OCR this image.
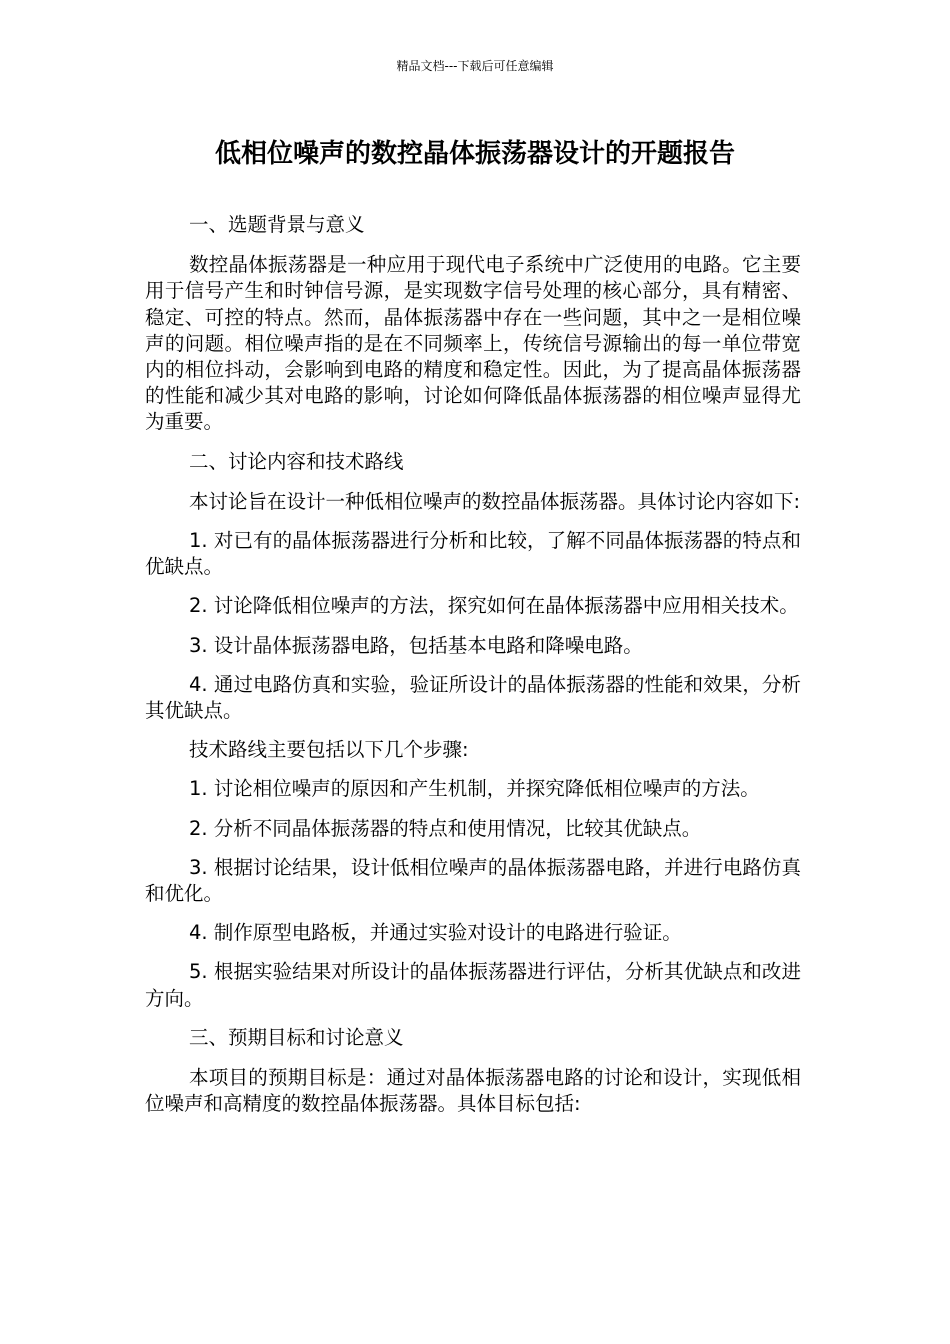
精品文档---下载后可任意编辑
低相位噪声的数控晶体振荡器设计的开题报告

一、选题背景与意义

数控晶体振荡器是一种应用于现代电子系统中广泛使用的电路。它主要用于信号产生和时钟信号源，是实现数字信号处理的核心部分，具有精密、稳定、可控的特点。然而，晶体振荡器中存在一些问题，其中之一是相位噪声的问题。相位噪声指的是在不同频率上，传统信号源输出的每一单位带宽内的相位抖动，会影响到电路的精度和稳定性。因此，为了提高晶体振荡器的性能和减少其对电路的影响，讨论如何降低晶体振荡器的相位噪声显得尤为重要。

二、讨论内容和技术路线

本讨论旨在设计一种低相位噪声的数控晶体振荡器。具体讨论内容如下:

1. 对已有的晶体振荡器进行分析和比较，了解不同晶体振荡器的特点和优缺点。

2. 讨论降低相位噪声的方法，探究如何在晶体振荡器中应用相关技术。

3. 设计晶体振荡器电路，包括基本电路和降噪电路。

4. 通过电路仿真和实验，验证所设计的晶体振荡器的性能和效果，分析其优缺点。

技术路线主要包括以下几个步骤:

1. 讨论相位噪声的原因和产生机制，并探究降低相位噪声的方法。

2. 分析不同晶体振荡器的特点和使用情况，比较其优缺点。

3. 根据讨论结果，设计低相位噪声的晶体振荡器电路，并进行电路仿真和优化。

4. 制作原型电路板，并通过实验对设计的电路进行验证。

5. 根据实验结果对所设计的晶体振荡器进行评估，分析其优缺点和改进方向。

三、预期目标和讨论意义

本项目的预期目标是：通过对晶体振荡器电路的讨论和设计，实现低相位噪声和高精度的数控晶体振荡器。具体目标包括:
